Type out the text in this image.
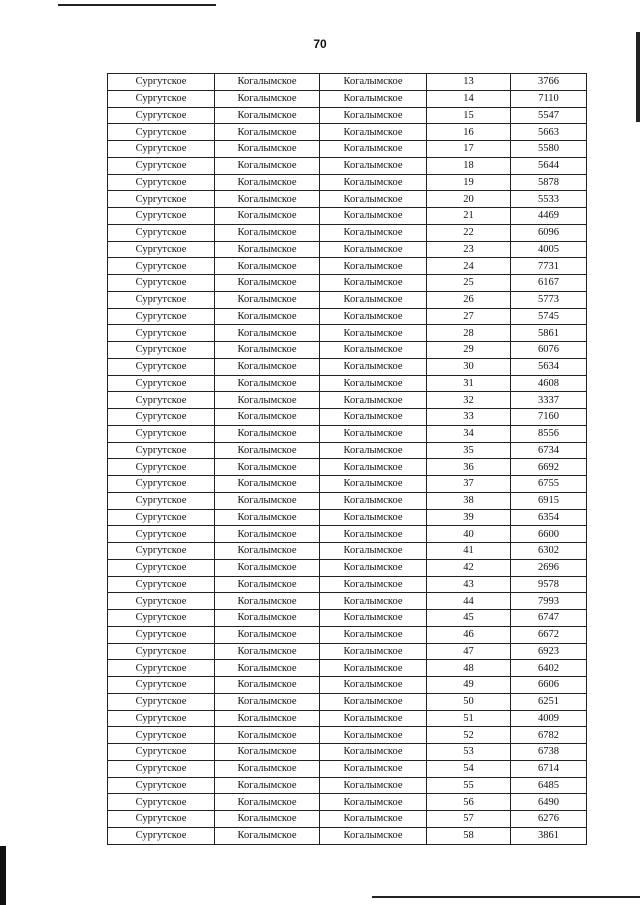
70
Сургутское	Когалымское	Когалымское	13	3766
Сургутское	Когалымское	Когалымское	14	7110
Сургутское	Когалымское	Когалымское	15	5547
Сургутское	Когалымское	Когалымское	16	5663
Сургутское	Когалымское	Когалымское	17	5580
Сургутское	Когалымское	Когалымское	18	5644
Сургутское	Когалымское	Когалымское	19	5878
Сургутское	Когалымское	Когалымское	20	5533
Сургутское	Когалымское	Когалымское	21	4469
Сургутское	Когалымское	Когалымское	22	6096
Сургутское	Когалымское	Когалымское	23	4005
Сургутское	Когалымское	Когалымское	24	7731
Сургутское	Когалымское	Когалымское	25	6167
Сургутское	Когалымское	Когалымское	26	5773
Сургутское	Когалымское	Когалымское	27	5745
Сургутское	Когалымское	Когалымское	28	5861
Сургутское	Когалымское	Когалымское	29	6076
Сургутское	Когалымское	Когалымское	30	5634
Сургутское	Когалымское	Когалымское	31	4608
Сургутское	Когалымское	Когалымское	32	3337
Сургутское	Когалымское	Когалымское	33	7160
Сургутское	Когалымское	Когалымское	34	8556
Сургутское	Когалымское	Когалымское	35	6734
Сургутское	Когалымское	Когалымское	36	6692
Сургутское	Когалымское	Когалымское	37	6755
Сургутское	Когалымское	Когалымское	38	6915
Сургутское	Когалымское	Когалымское	39	6354
Сургутское	Когалымское	Когалымское	40	6600
Сургутское	Когалымское	Когалымское	41	6302
Сургутское	Когалымское	Когалымское	42	2696
Сургутское	Когалымское	Когалымское	43	9578
Сургутское	Когалымское	Когалымское	44	7993
Сургутское	Когалымское	Когалымское	45	6747
Сургутское	Когалымское	Когалымское	46	6672
Сургутское	Когалымское	Когалымское	47	6923
Сургутское	Когалымское	Когалымское	48	6402
Сургутское	Когалымское	Когалымское	49	6606
Сургутское	Когалымское	Когалымское	50	6251
Сургутское	Когалымское	Когалымское	51	4009
Сургутское	Когалымское	Когалымское	52	6782
Сургутское	Когалымское	Когалымское	53	6738
Сургутское	Когалымское	Когалымское	54	6714
Сургутское	Когалымское	Когалымское	55	6485
Сургутское	Когалымское	Когалымское	56	6490
Сургутское	Когалымское	Когалымское	57	6276
Сургутское	Когалымское	Когалымское	58	3861
